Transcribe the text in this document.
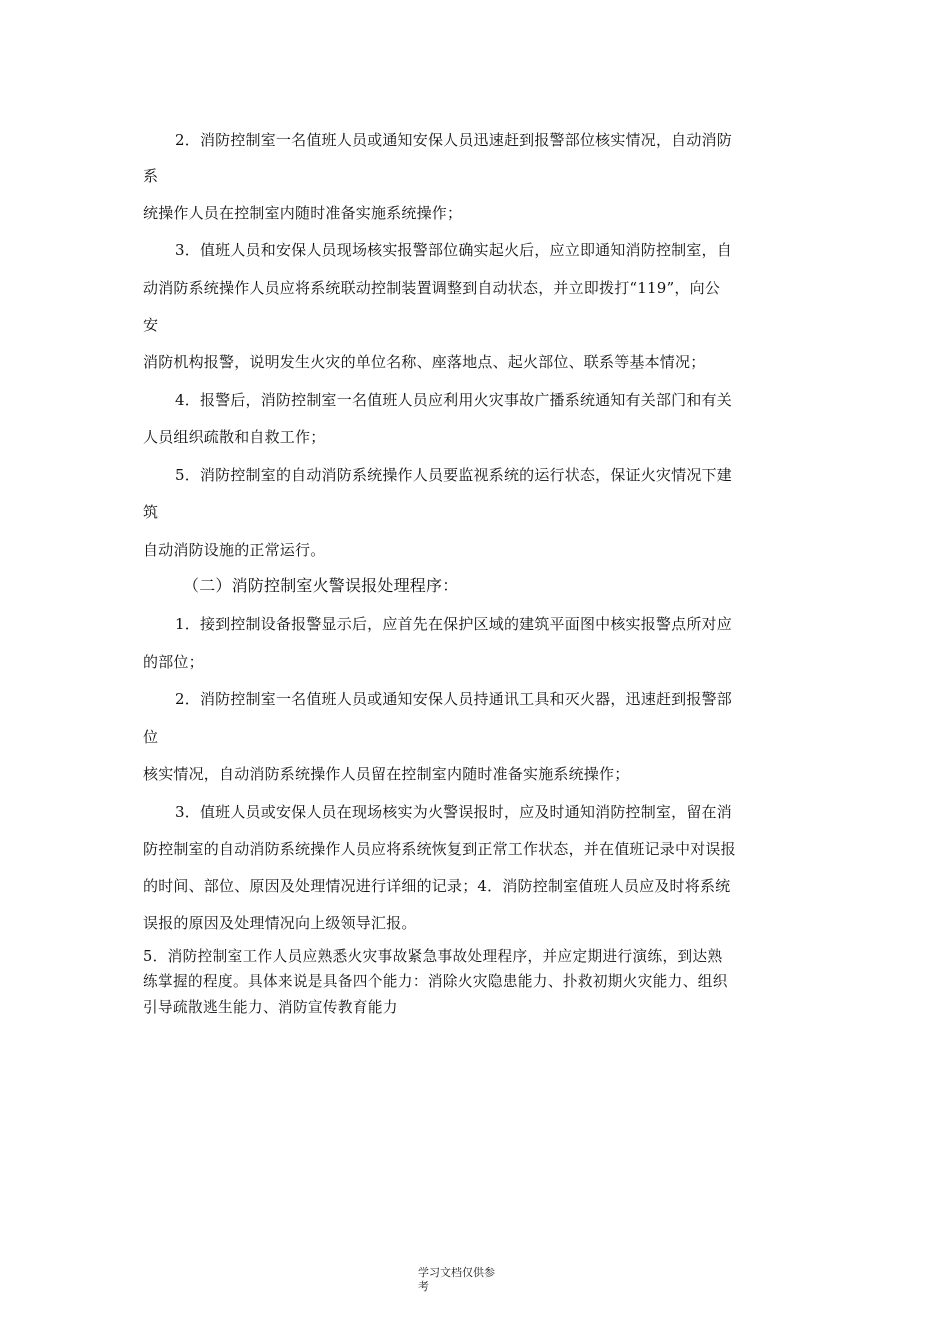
2．消防控制室一名值班人员或通知安保人员迅速赶到报警部位核实情况，自动消防
系
统操作人员在控制室内随时准备实施系统操作；
3．值班人员和安保人员现场核实报警部位确实起火后，应立即通知消防控制室，自
动消防系统操作人员应将系统联动控制装置调整到自动状态，并立即拨打“119”，向公
安
消防机构报警，说明发生火灾的单位名称、座落地点、起火部位、联系等基本情况；
4．报警后，消防控制室一名值班人员应利用火灾事故广播系统通知有关部门和有关
人员组织疏散和自救工作；
5．消防控制室的自动消防系统操作人员要监视系统的运行状态，保证火灾情况下建
筑
自动消防设施的正常运行。
（二）消防控制室火警误报处理程序：
1．接到控制设备报警显示后，应首先在保护区域的建筑平面图中核实报警点所对应
的部位；
2．消防控制室一名值班人员或通知安保人员持通讯工具和灭火器，迅速赶到报警部
位
核实情况，自动消防系统操作人员留在控制室内随时准备实施系统操作；
3．值班人员或安保人员在现场核实为火警误报时，应及时通知消防控制室，留在消
防控制室的自动消防系统操作人员应将系统恢复到正常工作状态，并在值班记录中对误报
的时间、部位、原因及处理情况进行详细的记录；4．消防控制室值班人员应及时将系统
误报的原因及处理情况向上级领导汇报。
5．消防控制室工作人员应熟悉火灾事故紧急事故处理程序，并应定期进行演练，到达熟
练掌握的程度。具体来说是具备四个能力：消除火灾隐患能力、扑救初期火灾能力、组织
引导疏散逃生能力、消防宣传教育能力
学习文档仅供参
考
